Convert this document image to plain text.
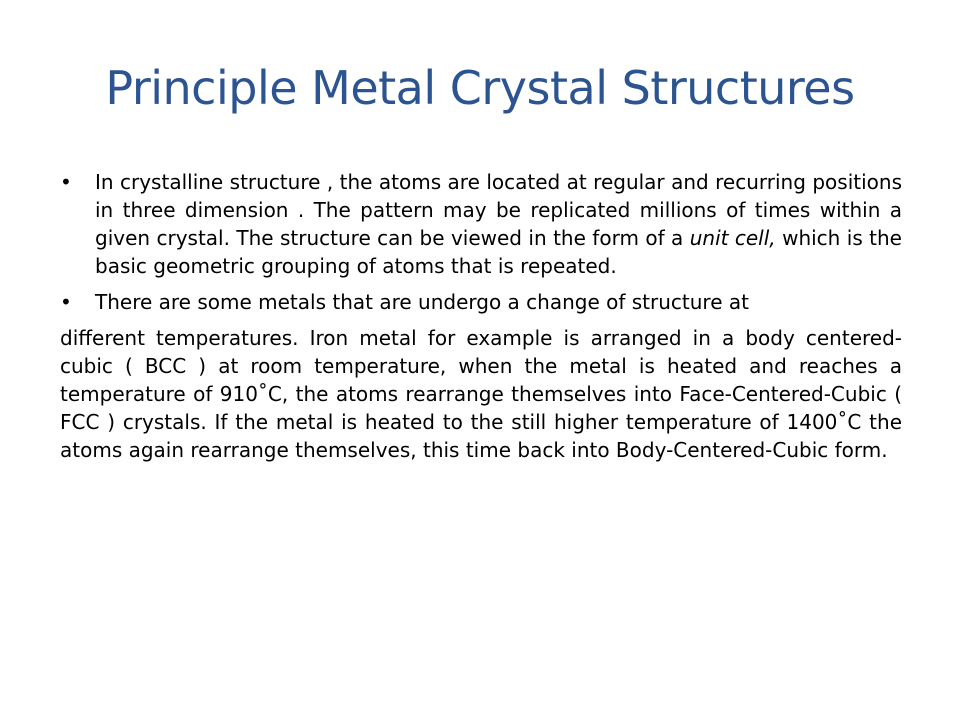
Principle Metal Crystal Structures
•	In crystalline structure , the atoms are located at regular and recurring positions in three dimension . The pattern may be replicated millions of times within a given crystal. The structure can be viewed in the form of a unit cell, which is the basic geometric grouping of atoms that is repeated.
•	There are some metals that are undergo a change of structure at

different temperatures. Iron metal for example is arranged in a body centered-cubic ( BCC ) at room temperature, when the metal is heated and reaches a temperature of 910˚C, the atoms rearrange themselves into Face-Centered-Cubic ( FCC ) crystals. If the metal is heated to the still higher temperature of 1400˚C the atoms again rearrange themselves, this time back into Body-Centered-Cubic form.
